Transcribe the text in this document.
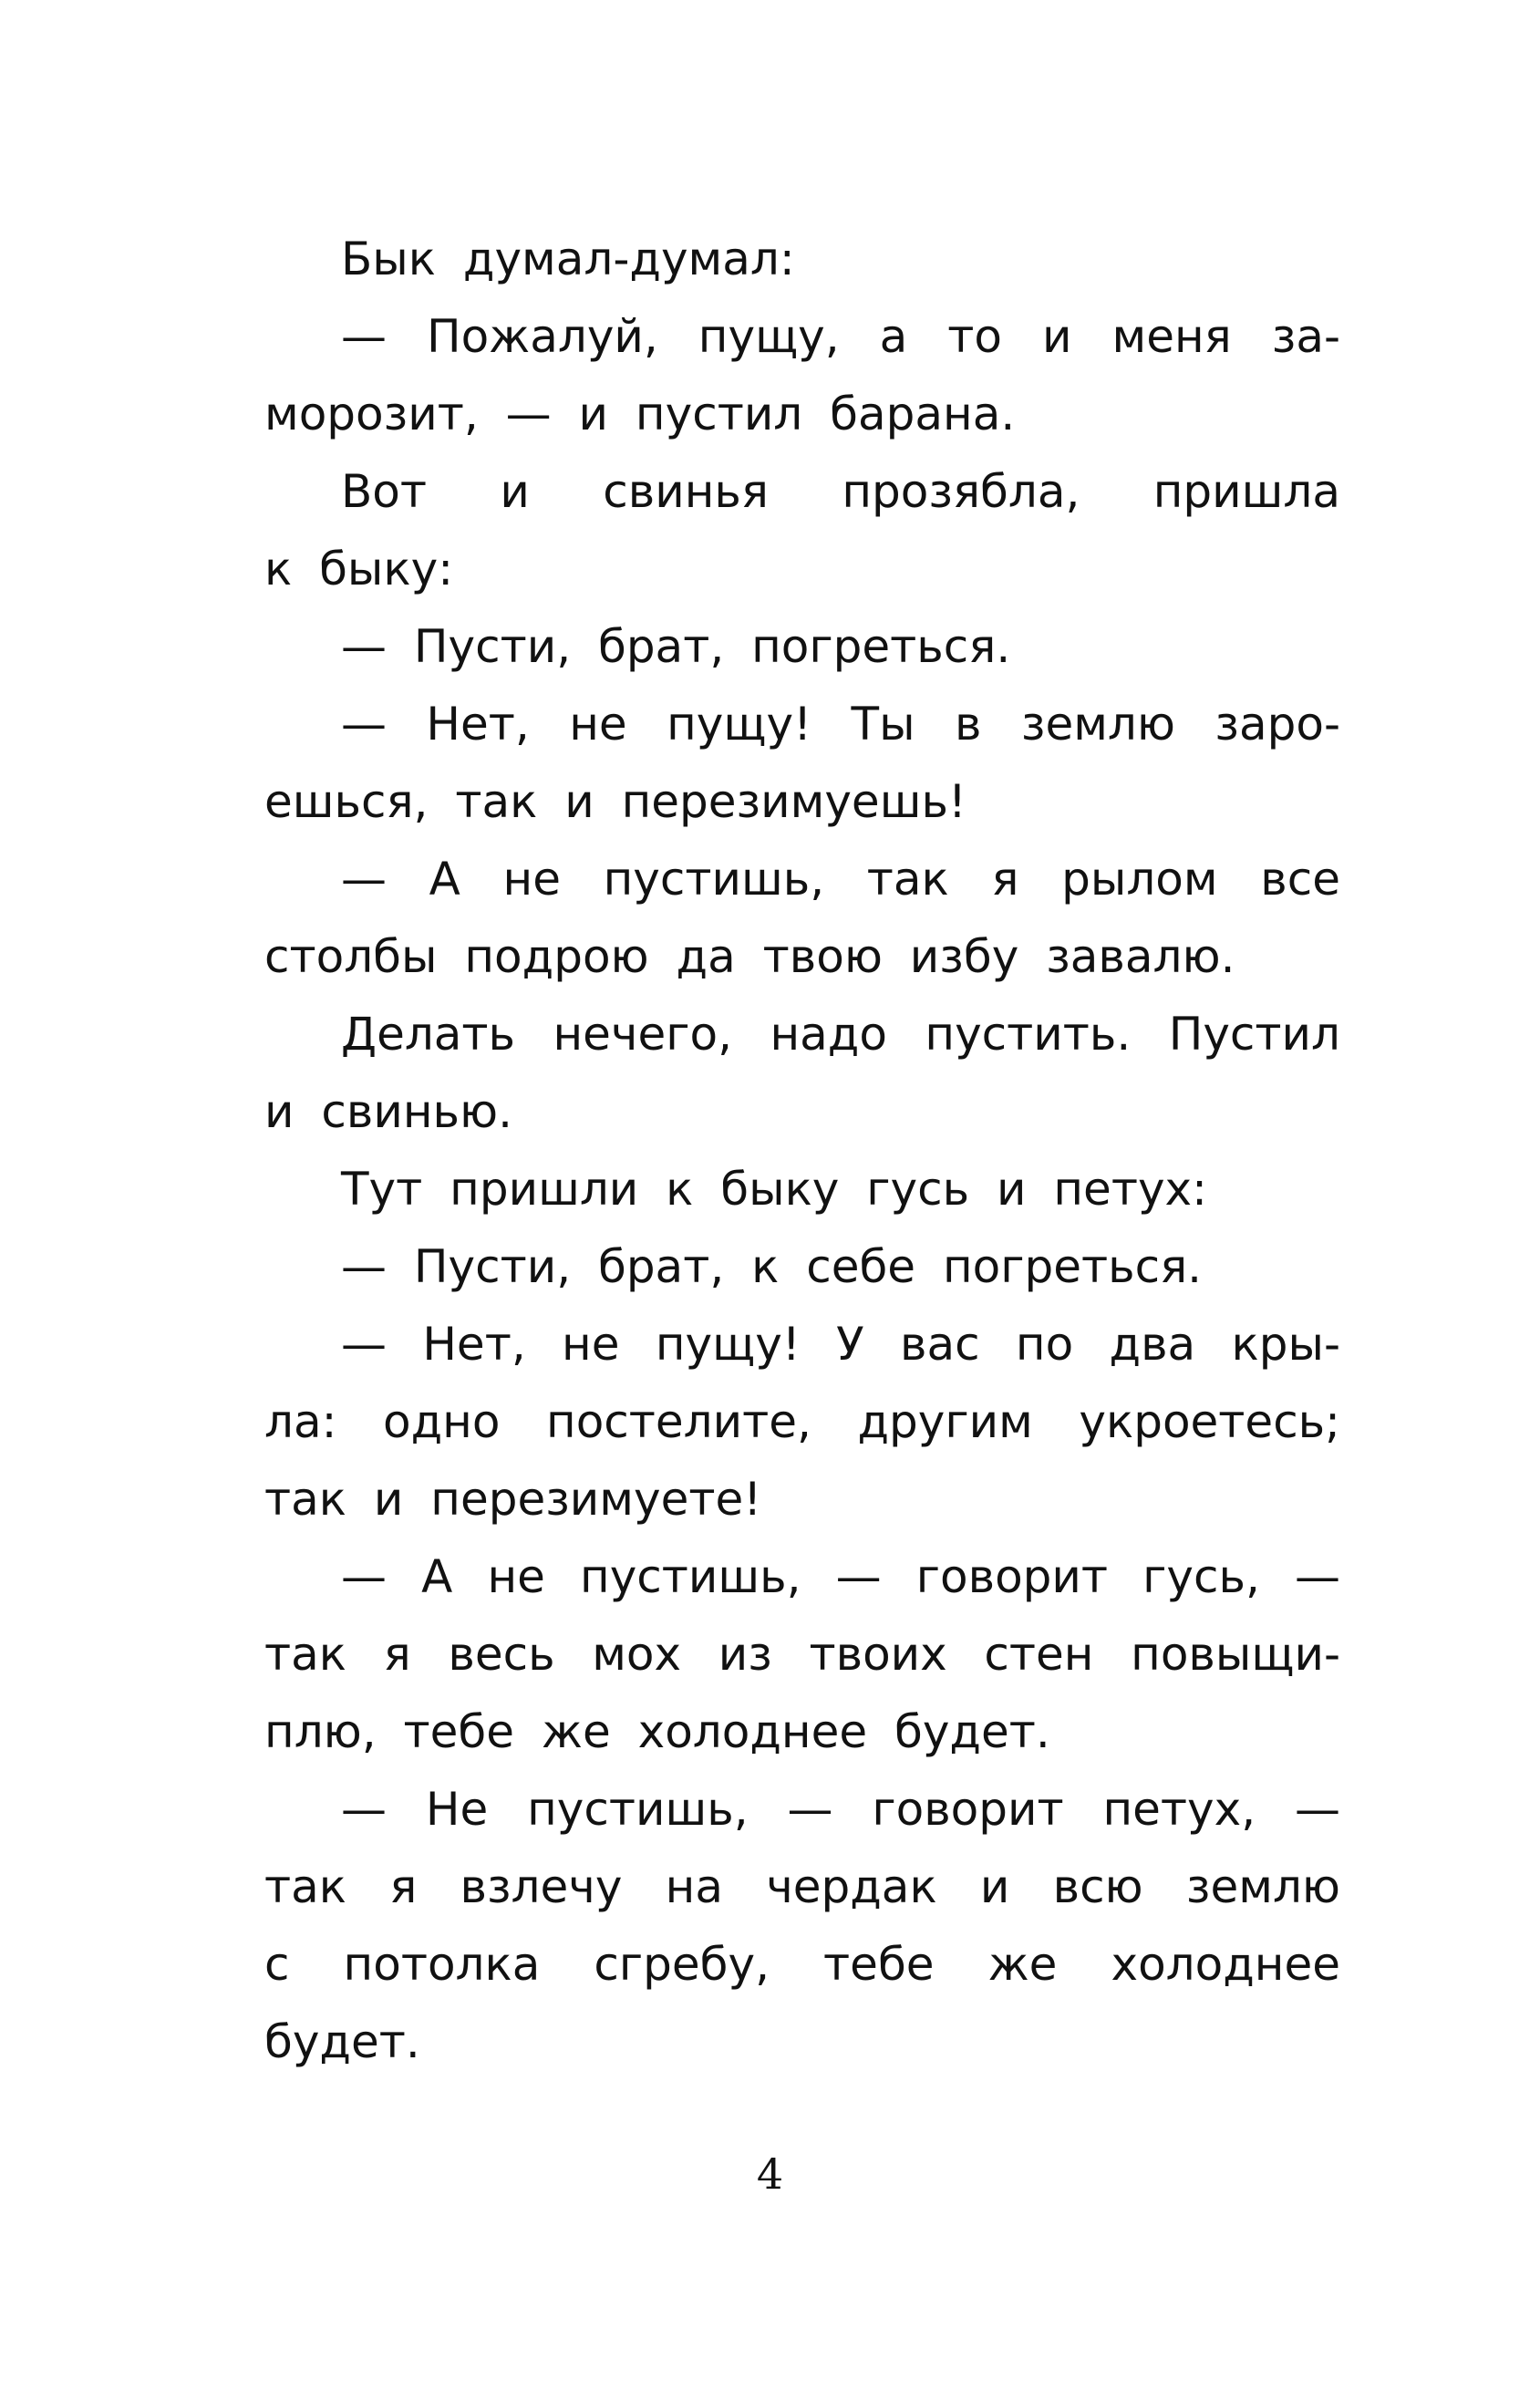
Бык думал-думал:
— Пожалуй, пущу, а то и меня за-
морозит, — и пустил барана.
Вот и свинья прозябла, пришла
к быку:
— Пусти, брат, погреться.
— Нет, не пущу! Ты в землю заро-
ешься, так и перезимуешь!
— А не пустишь, так я рылом все
столбы подрою да твою избу завалю.
Делать нечего, надо пустить. Пустил
и свинью.
Тут пришли к быку гусь и петух:
— Пусти, брат, к себе погреться.
— Нет, не пущу! У вас по два кры-
ла: одно постелите, другим укроетесь;
так и перезимуете!
— А не пустишь, — говорит гусь, —
так я весь мох из твоих стен повыщи-
плю, тебе же холоднее будет.
— Не пустишь, — говорит петух, —
так я взлечу на чердак и всю землю
с потолка сгребу, тебе же холоднее
будет.
4
